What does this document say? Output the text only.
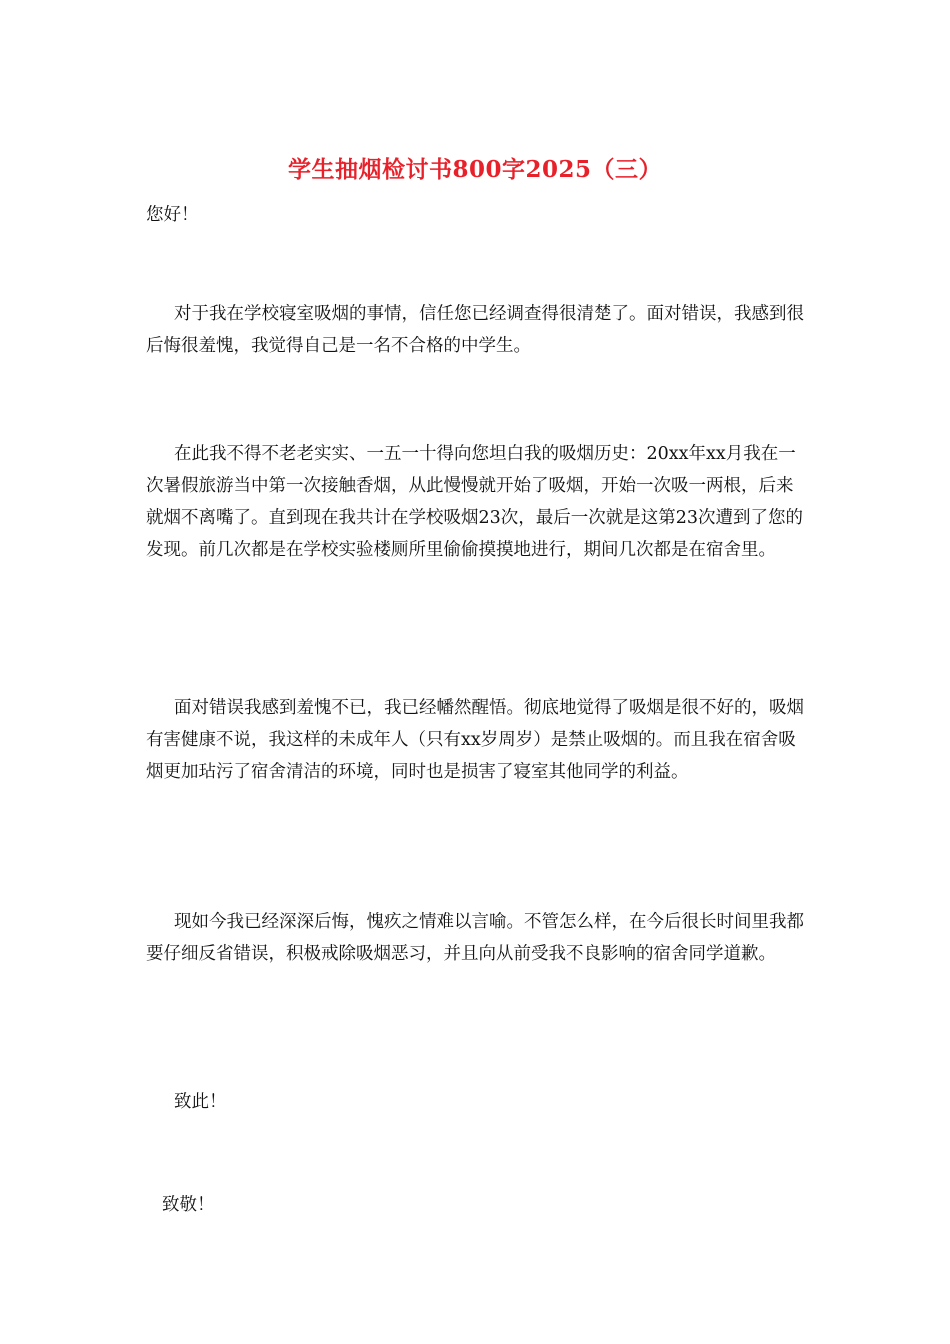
学生抽烟检讨书800字2025（三）

您好！

对于我在学校寝室吸烟的事情，信任您已经调查得很清楚了。面对错误，我感到很后悔很羞愧，我觉得自己是一名不合格的中学生。

在此我不得不老老实实、一五一十得向您坦白我的吸烟历史：20xx年xx月我在一次暑假旅游当中第一次接触香烟，从此慢慢就开始了吸烟，开始一次吸一两根，后来就烟不离嘴了。直到现在我共计在学校吸烟23次，最后一次就是这第23次遭到了您的发现。前几次都是在学校实验楼厕所里偷偷摸摸地进行，期间几次都是在宿舍里。

面对错误我感到羞愧不已，我已经幡然醒悟。彻底地觉得了吸烟是很不好的，吸烟有害健康不说，我这样的未成年人（只有xx岁周岁）是禁止吸烟的。而且我在宿舍吸烟更加玷污了宿舍清洁的环境，同时也是损害了寝室其他同学的利益。

现如今我已经深深后悔，愧疚之情难以言喻。不管怎么样，在今后很长时间里我都要仔细反省错误，积极戒除吸烟恶习，并且向从前受我不良影响的宿舍同学道歉。

致此！

致敬！
